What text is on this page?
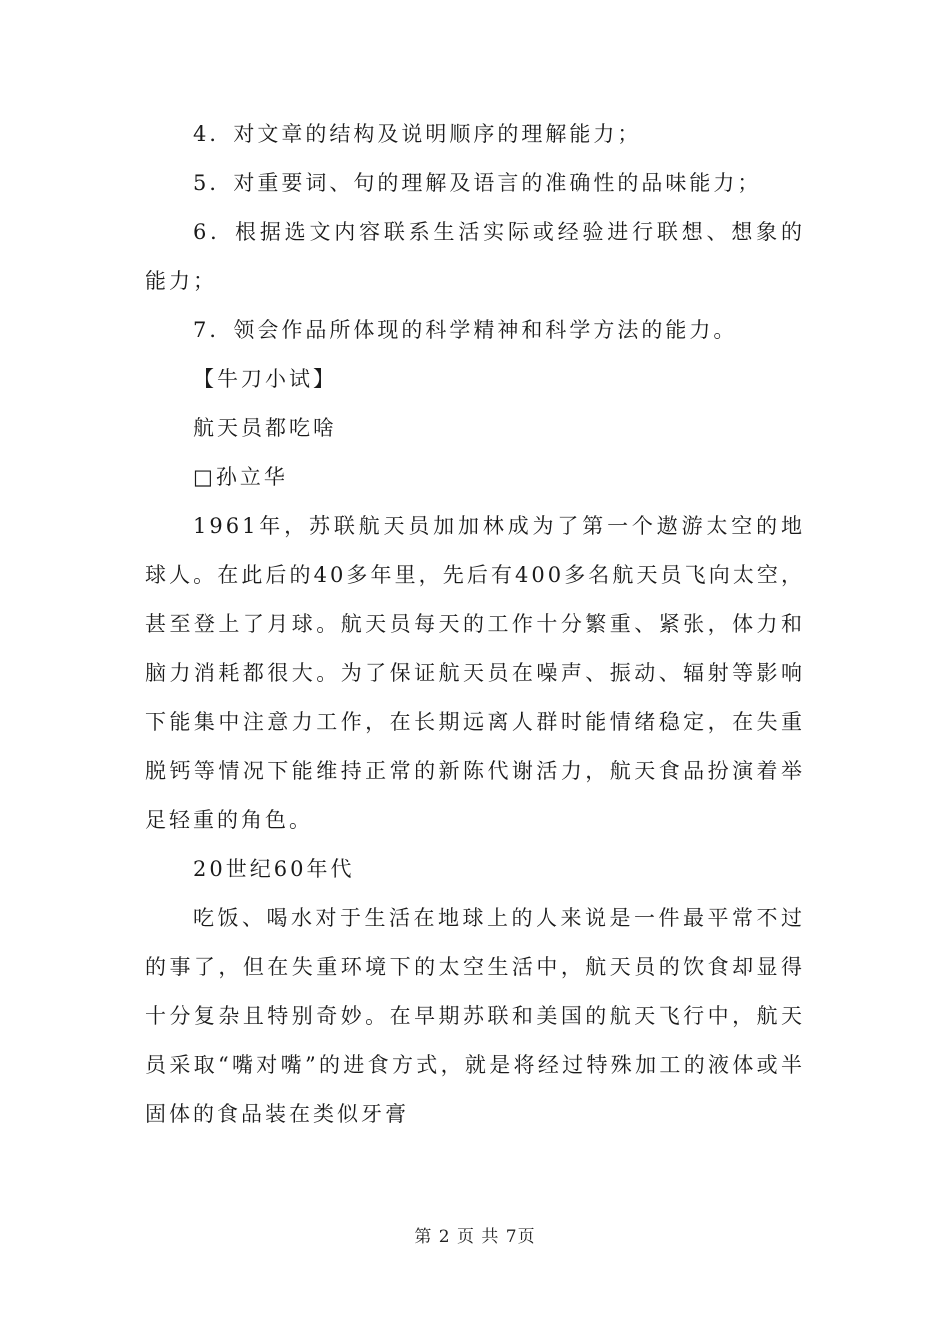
4．对文章的结构及说明顺序的理解能力；

5．对重要词、句的理解及语言的准确性的品味能力；

6．根据选文内容联系生活实际或经验进行联想、想象的能力；

7．领会作品所体现的科学精神和科学方法的能力。

【牛刀小试】

航天员都吃啥

□孙立华

1961年，苏联航天员加加林成为了第一个遨游太空的地球人。在此后的40多年里，先后有400多名航天员飞向太空，甚至登上了月球。航天员每天的工作十分繁重、紧张，体力和脑力消耗都很大。为了保证航天员在噪声、振动、辐射等影响下能集中注意力工作，在长期远离人群时能情绪稳定，在失重脱钙等情况下能维持正常的新陈代谢活力，航天食品扮演着举足轻重的角色。

20世纪60年代

吃饭、喝水对于生活在地球上的人来说是一件最平常不过的事了，但在失重环境下的太空生活中，航天员的饮食却显得十分复杂且特别奇妙。在早期苏联和美国的航天飞行中，航天员采取“嘴对嘴”的进食方式，就是将经过特殊加工的液体或半固体的食品装在类似牙膏

第 2 页 共 7页
